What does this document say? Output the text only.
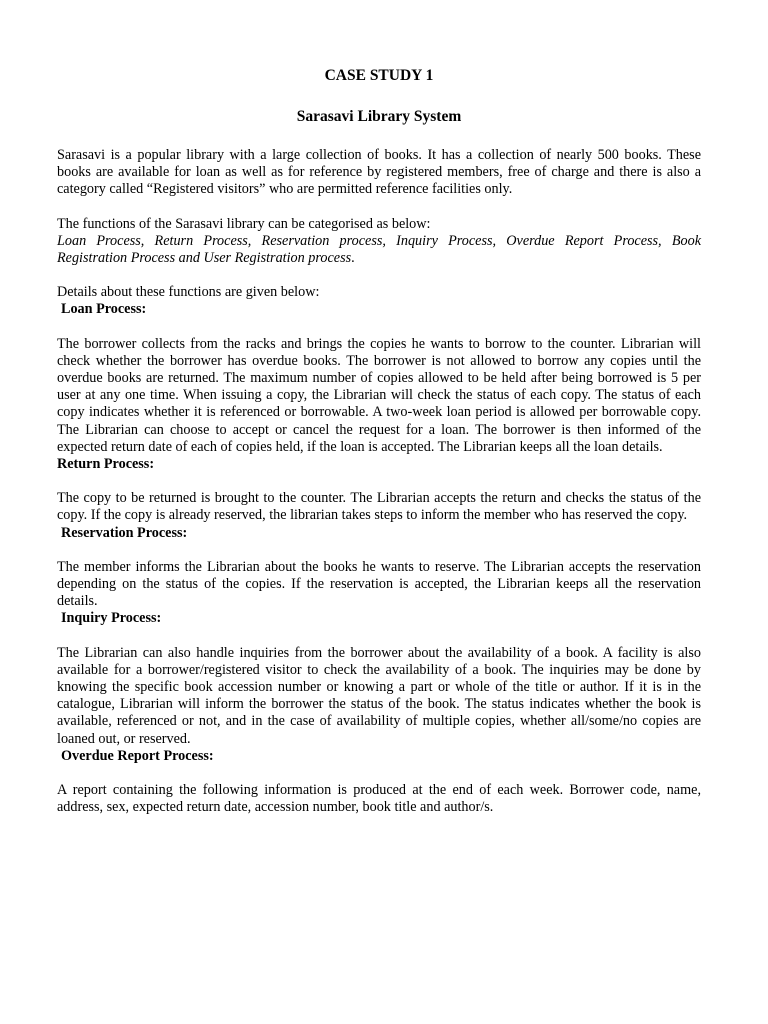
CASE STUDY 1

Sarasavi Library System

Sarasavi is a popular library with a large collection of books. It has a collection of nearly 500 books. These books are available for loan as well as for reference by registered members, free of charge and there is also a category called “Registered visitors” who are permitted reference facilities only.

The functions of the Sarasavi library can be categorised as below:

Loan Process, Return Process, Reservation process, Inquiry Process, Overdue Report Process, Book Registration Process and User Registration process.

Details about these functions are given below:

Loan Process:

The borrower collects from the racks and brings the copies he wants to borrow to the counter. Librarian will check whether the borrower has overdue books. The borrower is not allowed to borrow any copies until the overdue books are returned. The maximum number of copies allowed to be held after being borrowed is 5 per user at any one time. When issuing a copy, the Librarian will check the status of each copy. The status of each copy indicates whether it is referenced or borrowable. A two-week loan period is allowed per borrowable copy. The Librarian can choose to accept or cancel the request for a loan. The borrower is then informed of the expected return date of each of copies held, if the loan is accepted. The Librarian keeps all the loan details.

Return Process:

The copy to be returned is brought to the counter. The Librarian accepts the return and checks the status of the copy. If the copy is already reserved, the librarian takes steps to inform the member who has reserved the copy.

Reservation Process:

The member informs the Librarian about the books he wants to reserve. The Librarian accepts the reservation depending on the status of the copies. If the reservation is accepted, the Librarian keeps all the reservation details.

Inquiry Process:

The Librarian can also handle inquiries from the borrower about the availability of a book. A facility is also available for a borrower/registered visitor to check the availability of a book. The inquiries may be done by knowing the specific book accession number or knowing a part or whole of the title or author. If it is in the catalogue, Librarian will inform the borrower the status of the book. The status indicates whether the book is available, referenced or not, and in the case of availability of multiple copies, whether all/some/no copies are loaned out, or reserved.

Overdue Report Process:

A report containing the following information is produced at the end of each week. Borrower code, name, address, sex, expected return date, accession number, book title and author/s.
